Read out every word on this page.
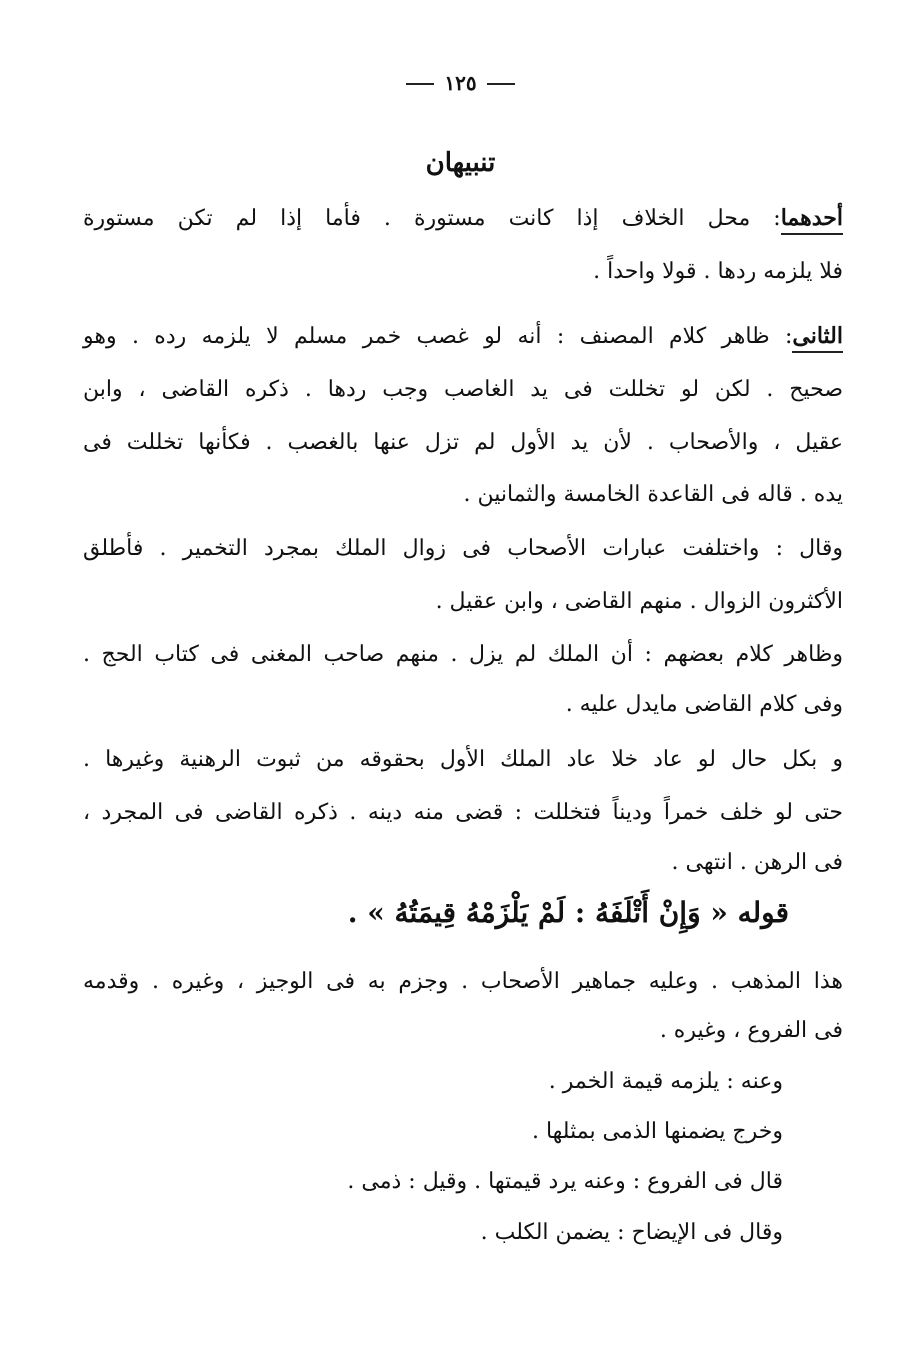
١٢٥
تنبيهان
أحدهما: محل الخلاف إذا كانت مستورة . فأما إذا لم تكن مستورة
فلا يلزمه ردها . قولا واحداً .
الثانى: ظاهر كلام المصنف : أنه لو غصب خمر مسلم لا يلزمه رده . وهو
صحيح . لكن لو تخللت فى يد الغاصب وجب ردها . ذكره القاضى ، وابن
عقيل ، والأصحاب . لأن يد الأول لم تزل عنها بالغصب . فكأنها تخللت فى
يده . قاله فى القاعدة الخامسة والثمانين .
وقال : واختلفت عبارات الأصحاب فى زوال الملك بمجرد التخمير . فأطلق
الأكثرون الزوال . منهم القاضى ، وابن عقيل .
وظاهر كلام بعضهم : أن الملك لم يزل . منهم صاحب المغنى فى كتاب الحج .
وفى كلام القاضى مايدل عليه .
و بكل حال لو عاد خلا عاد الملك الأول بحقوقه من ثبوت الرهنية وغيرها .
حتى لو خلف خمراً وديناً فتخللت : قضى منه دينه . ذكره القاضى فى المجرد ،
فى الرهن . انتهى .
قوله « وَإِنْ أَتْلَفَهُ : لَمْ يَلْزَمْهُ قِيمَتُهُ » .
هذا المذهب . وعليه جماهير الأصحاب . وجزم به فى الوجيز ، وغيره . وقدمه
فى الفروع ، وغيره .
وعنه : يلزمه قيمة الخمر .
وخرج يضمنها الذمى بمثلها .
قال فى الفروع : وعنه يرد قيمتها . وقيل : ذمى .
وقال فى الإيضاح : يضمن الكلب .
